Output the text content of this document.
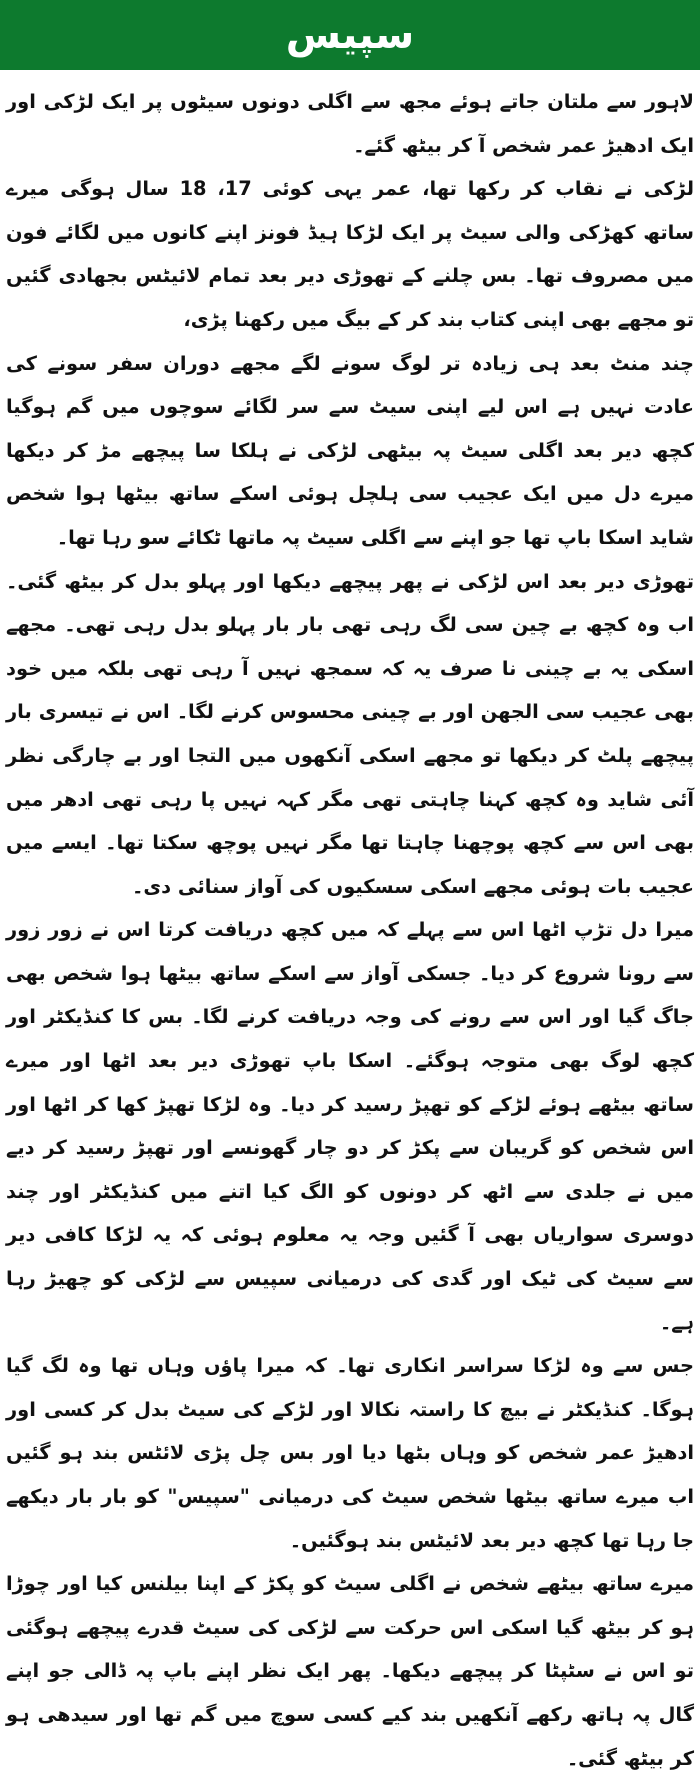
سپیس

لاہور سے ملتان جاتے ہوئے مجھ سے اگلی دونوں سیٹوں پر ایک لڑکی اور ایک ادھیڑ عمر شخص آ کر بیٹھ گئے۔

لڑکی نے نقاب کر رکھا تھا، عمر یہی کوئی 17، 18 سال ہوگی میرے ساتھ کھڑکی والی سیٹ پر ایک لڑکا ہیڈ فونز اپنے کانوں میں لگائے فون میں مصروف تھا۔ بس چلنے کے تھوڑی دیر بعد تمام لائیٹس بجھادی گئیں تو مجھے بھی اپنی کتاب بند کر کے بیگ میں رکھنا پڑی،

چند منٹ بعد ہی زیادہ تر لوگ سونے لگے مجھے دوران سفر سونے کی عادت نہیں ہے اس لیے اپنی سیٹ سے سر لگائے سوچوں میں گم ہوگیا کچھ دیر بعد اگلی سیٹ پہ بیٹھی لڑکی نے ہلکا سا پیچھے مڑ کر دیکھا میرے دل میں ایک عجیب سی ہلچل ہوئی اسکے ساتھ بیٹھا ہوا شخص شاید اسکا باپ تھا جو اپنے سے اگلی سیٹ پہ ماتھا ٹکائے سو رہا تھا۔

تھوڑی دیر بعد اس لڑکی نے پھر پیچھے دیکھا اور پہلو بدل کر بیٹھ گئی۔ اب وہ کچھ بے چین سی لگ رہی تھی بار بار پہلو بدل رہی تھی۔ مجھے اسکی یہ بے چینی نا صرف یہ کہ سمجھ نہیں آ رہی تھی بلکہ میں خود بھی عجیب سی الجھن اور بے چینی محسوس کرنے لگا۔ اس نے تیسری بار پیچھے پلٹ کر دیکھا تو مجھے اسکی آنکھوں میں التجا اور بے چارگی نظر آئی شاید وہ کچھ کہنا چاہتی تھی مگر کہہ نہیں پا رہی تھی ادھر میں بھی اس سے کچھ پوچھنا چاہتا تھا مگر نہیں پوچھ سکتا تھا۔ ایسے میں عجیب بات ہوئی مجھے اسکی سسکیوں کی آواز سنائی دی۔

میرا دل تڑپ اٹھا اس سے پہلے کہ میں کچھ دریافت کرتا اس نے زور زور سے رونا شروع کر دیا۔ جسکی آواز سے اسکے ساتھ بیٹھا ہوا شخص بھی جاگ گیا اور اس سے رونے کی وجہ دریافت کرنے لگا۔ بس کا کنڈیکٹر اور کچھ لوگ بھی متوجہ ہوگئے۔ اسکا باپ تھوڑی دیر بعد اٹھا اور میرے ساتھ بیٹھے ہوئے لڑکے کو تھپڑ رسید کر دیا۔ وہ لڑکا تھپڑ کھا کر اٹھا اور اس شخص کو گریبان سے پکڑ کر دو چار گھونسے اور تھپڑ رسید کر دیے میں نے جلدی سے اٹھ کر دونوں کو الگ کیا اتنے میں کنڈیکٹر اور چند دوسری سواریاں بھی آ گئیں وجہ یہ معلوم ہوئی کہ یہ لڑکا کافی دیر سے سیٹ کی ٹیک اور گدی کی درمیانی سپیس سے لڑکی کو چھیڑ رہا ہے۔

جس سے وہ لڑکا سراسر انکاری تھا۔ کہ میرا پاؤں وہاں تھا وہ لگ گیا ہوگا۔ کنڈیکٹر نے بیچ کا راستہ نکالا اور لڑکے کی سیٹ بدل کر کسی اور ادھیڑ عمر شخص کو وہاں بٹھا دیا اور بس چل پڑی لائٹس بند ہو گئیں اب میرے ساتھ بیٹھا شخص سیٹ کی درمیانی "سپیس" کو بار بار دیکھے جا رہا تھا کچھ دیر بعد لائیٹس بند ہوگئیں۔

میرے ساتھ بیٹھے شخص نے اگلی سیٹ کو پکڑ کے اپنا بیلنس کیا اور چوڑا ہو کر بیٹھ گیا اسکی اس حرکت سے لڑکی کی سیٹ قدرے پیچھے ہوگئی تو اس نے سٹپٹا کر پیچھے دیکھا۔ پھر ایک نظر اپنے باپ پہ ڈالی جو اپنے گال پہ ہاتھ رکھے آنکھیں بند کیے کسی سوچ میں گم تھا اور سیدھی ہو کر بیٹھ گئی۔
